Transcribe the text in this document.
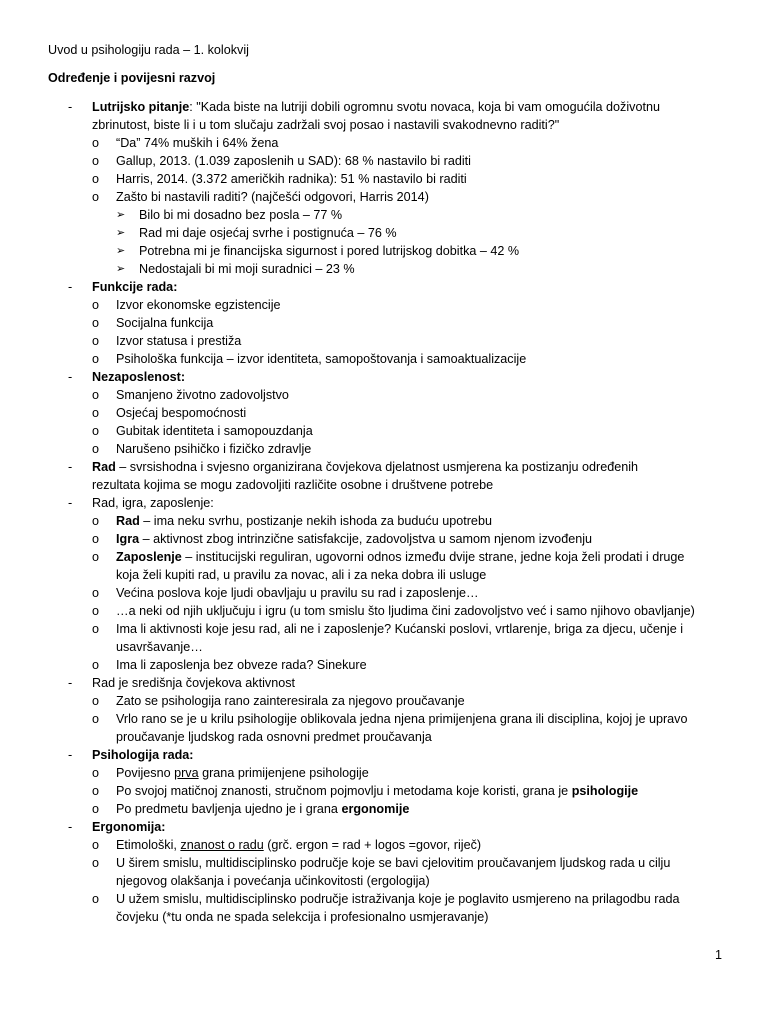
Uvod u psihologiju rada – 1. kolokvij
Određenje i povijesni razvoj
- Lutrijsko pitanje: "Kada biste na lutriji dobili ogromnu svotu novaca, koja bi vam omogućila doživotnu zbrinutost, biste li i u tom slučaju zadržali svoj posao i nastavili svakodnevno raditi?"
o “Da” 74% muških i 64% žena
o Gallup, 2013. (1.039 zaposlenih u SAD): 68 % nastavilo bi raditi
o Harris, 2014. (3.372 američkih radnika): 51 % nastavilo bi raditi
o Zašto bi nastavili raditi? (najčešći odgovori, Harris 2014)
➢ Bilo bi mi dosadno bez posla – 77 %
➢ Rad mi daje osjećaj svrhe i postignuća – 76 %
➢ Potrebna mi je financijska sigurnost i pored lutrijskog dobitka – 42 %
➢ Nedostajali bi mi moji suradnici – 23 %
- Funkcije rada:
o Izvor ekonomske egzistencije
o Socijalna funkcija
o Izvor statusa i prestiža
o Psihološka funkcija – izvor identiteta, samopoštovanja i samoaktualizacije
- Nezaposlenost:
o Smanjeno životno zadovoljstvo
o Osjećaj bespomoćnosti
o Gubitak identiteta i samopouzdanja
o Narušeno psihičko i fizičko zdravlje
- Rad – svrsishodna i svjesno organizirana čovjekova djelatnost usmjerena ka postizanju određenih rezultata kojima se mogu zadovoljiti različite osobne i društvene potrebe
- Rad, igra, zaposlenje:
o Rad – ima neku svrhu, postizanje nekih ishoda za buduću upotrebu
o Igra – aktivnost zbog intrinzične satisfakcije, zadovoljstva u samom njenom izvođenju
o Zaposlenje – institucijski reguliran, ugovorni odnos između dvije strane, jedne koja želi prodati i druge koja želi kupiti rad, u pravilu za novac, ali i za neka dobra ili usluge
o Većina poslova koje ljudi obavljaju u pravilu su rad i zaposlenje…
o …a neki od njih uključuju i igru (u tom smislu što ljudima čini zadovoljstvo već i samo njihovo obavljanje)
o Ima li aktivnosti koje jesu rad, ali ne i zaposlenje? Kućanski poslovi, vrtlarenje, briga za djecu, učenje i usavršavanje…
o Ima li zaposlenja bez obveze rada? Sinekure
- Rad je središnja čovjekova aktivnost
o Zato se psihologija rano zainteresirala za njegovo proučavanje
o Vrlo rano se je u krilu psihologije oblikovala jedna njena primijenjena grana ili disciplina, kojoj je upravo proučavanje ljudskog rada osnovni predmet proučavanja
- Psihologija rada:
o Povijesno prva grana primijenjene psihologije
o Po svojoj matičnoj znanosti, stručnom pojmovlju i metodama koje koristi, grana je psihologije
o Po predmetu bavljenja ujedno je i grana ergonomije
- Ergonomija:
o Etimološki, znanost o radu (grč. ergon = rad + logos =govor, riječ)
o U širem smislu, multidisciplinsko područje koje se bavi cjelovitim proučavanjem ljudskog rada u cilju njegovog olakšanja i povećanja učinkovitosti (ergologija)
o U užem smislu, multidisciplinsko područje istraživanja koje je poglavito usmjereno na prilagodbu rada čovjeku (*tu onda ne spada selekcija i profesionalno usmjeravanje)
1
